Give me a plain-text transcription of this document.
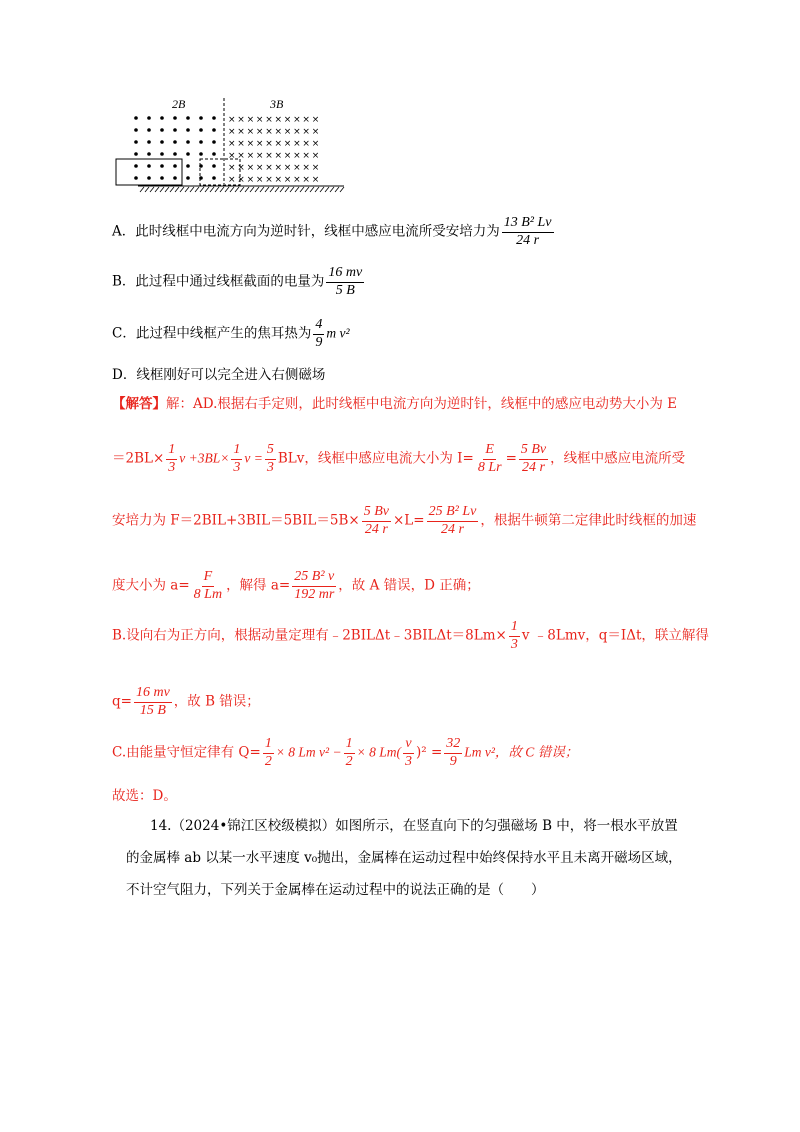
2B	3B
× × × × × × × × × ×
× × × × × × × × × ×
× × × × × × × × × ×
× × × × × × × × × ×
× × × × × × × × × ×
× × × × × × × × × ×
A．此时线框中电流方向为逆时针，线框中感应电流所受安培力为 $\frac{\text{13 B² Lv}}{24 r}$
B．此过程中通过线框截面的电量为 $\frac{16 mv}{5 B}$
C．此过程中线框产生的焦耳热为 $\frac{4}{9}$ m v²
D．线框刚好可以完全进入右侧磁场
【解答】解：AD.根据右手定则，此时线框中电流方向为逆时针，线框中的感应电动势大小为 E
$=2BL\times \frac{1}{3}$ $v +3BL\times \frac{1}{3}$ $v = \frac{5}{3}$ BLv，线框中感应电流大小为 $I= \frac{E}{8 Lr} = \frac{5 Bv}{24 r}$ ，线框中感应电流所受
安培力为 $F=2BIL+3BIL=5BIL=5B\times \frac{5 Bv}{24 r} \times L= \frac{\text{25 B² Lv}}{24 r}$ ，根据牛顿第二定律此时线框的加速
度大小为 $a= \frac{F}{8 Lm}$ ，解得 $a= \frac{\text{25 B² v}}{192 mr}$ ，故 A 错误，D 正确；
B.设向右为正方向，根据动量定理有﹣2BILΔt﹣3BILΔt＝8Lm× $\frac{1}{3}$ v ﹣8Lmv，q＝IΔt，联立解得
$q= \frac{16 mv}{15 B}$ ，故 B 错误；
C.由能量守恒定律有 $Q= \frac{1}{2} \times 8$ Lm $v^2 - \frac{1}{2} \times 8$ $Lm( \frac{v}{3} )^2 = \frac{32}{9}$ Lm v²，故 C 错误；
故选：D。
14.（2024•锦江区校级模拟）如图所示，在竖直向下的匀强磁场 B 中，将一根水平放置
的金属棒 ab 以某一水平速度 v₀抛出，金属棒在运动过程中始终保持水平且未离开磁场区域，
不计空气阻力，下列关于金属棒在运动过程中的说法正确的是（　　）
